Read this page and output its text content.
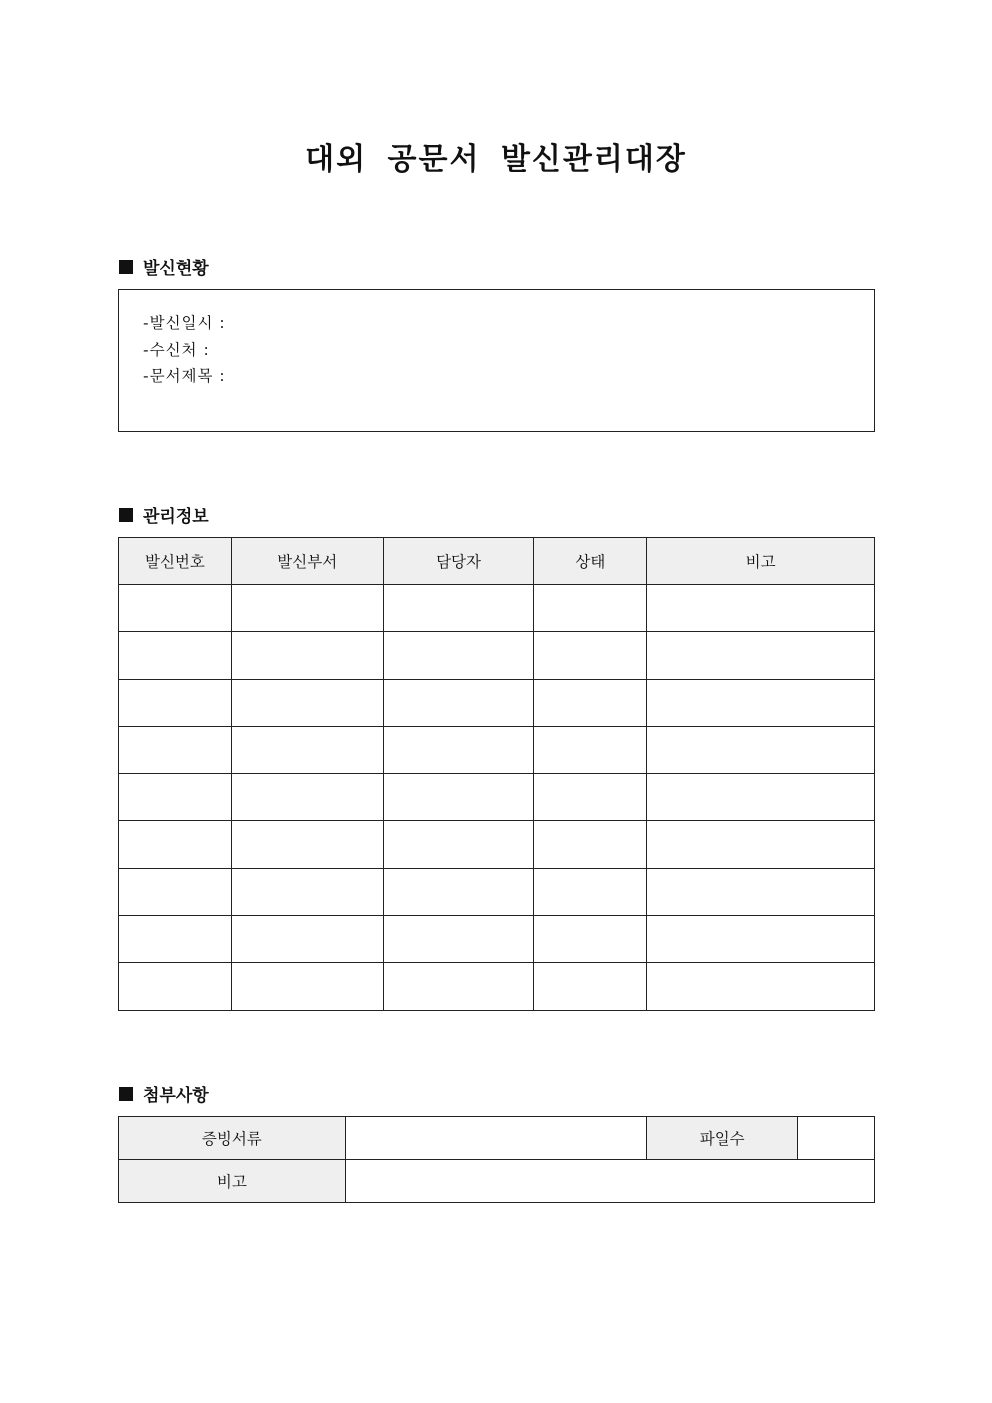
대외 공문서 발신관리대장
발신현황
-발신일시 :
-수신처 :
-문서제목 :
관리정보
발신번호	발신부서	담당자	상태	비고

첨부사항
증빙서류		파일수	
비고			
